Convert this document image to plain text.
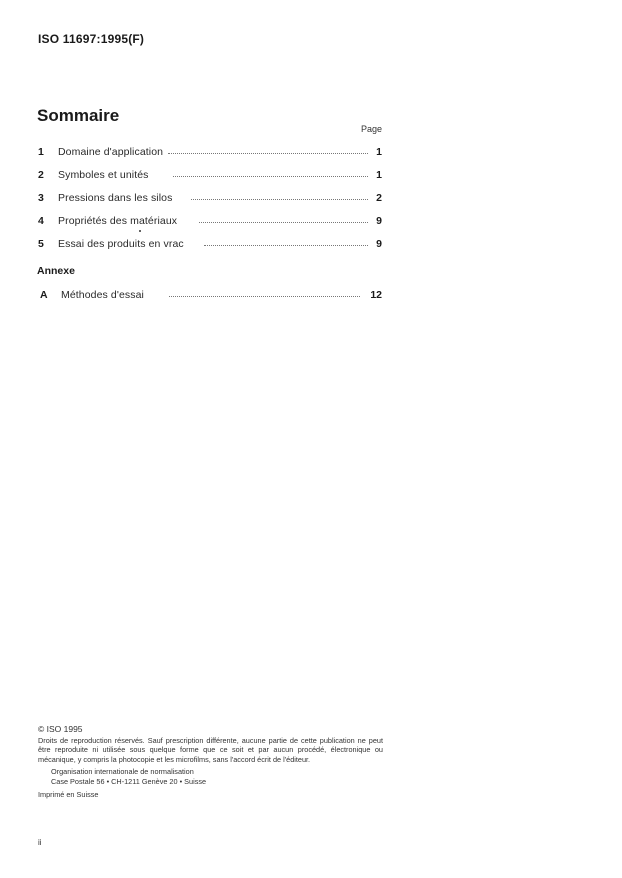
ISO 11697:1995(F)
Sommaire
Page
1 Domaine d'application	1
2 Symboles et unités	1
3 Pressions dans les silos	2
4 Propriétés des matériaux	9
5 Essai des produits en vrac	9
Annexe
A Méthodes d'essai	12
© ISO 1995
Droits de reproduction réservés. Sauf prescription différente, aucune partie de cette publication ne peut être reproduite ni utilisée sous quelque forme que ce soit et par aucun procédé, électronique ou mécanique, y compris la photocopie et les microfilms, sans l'accord écrit de l'éditeur.
Organisation internationale de normalisation
Case Postale 56 • CH-1211 Genève 20 • Suisse
Imprimé en Suisse
ii
